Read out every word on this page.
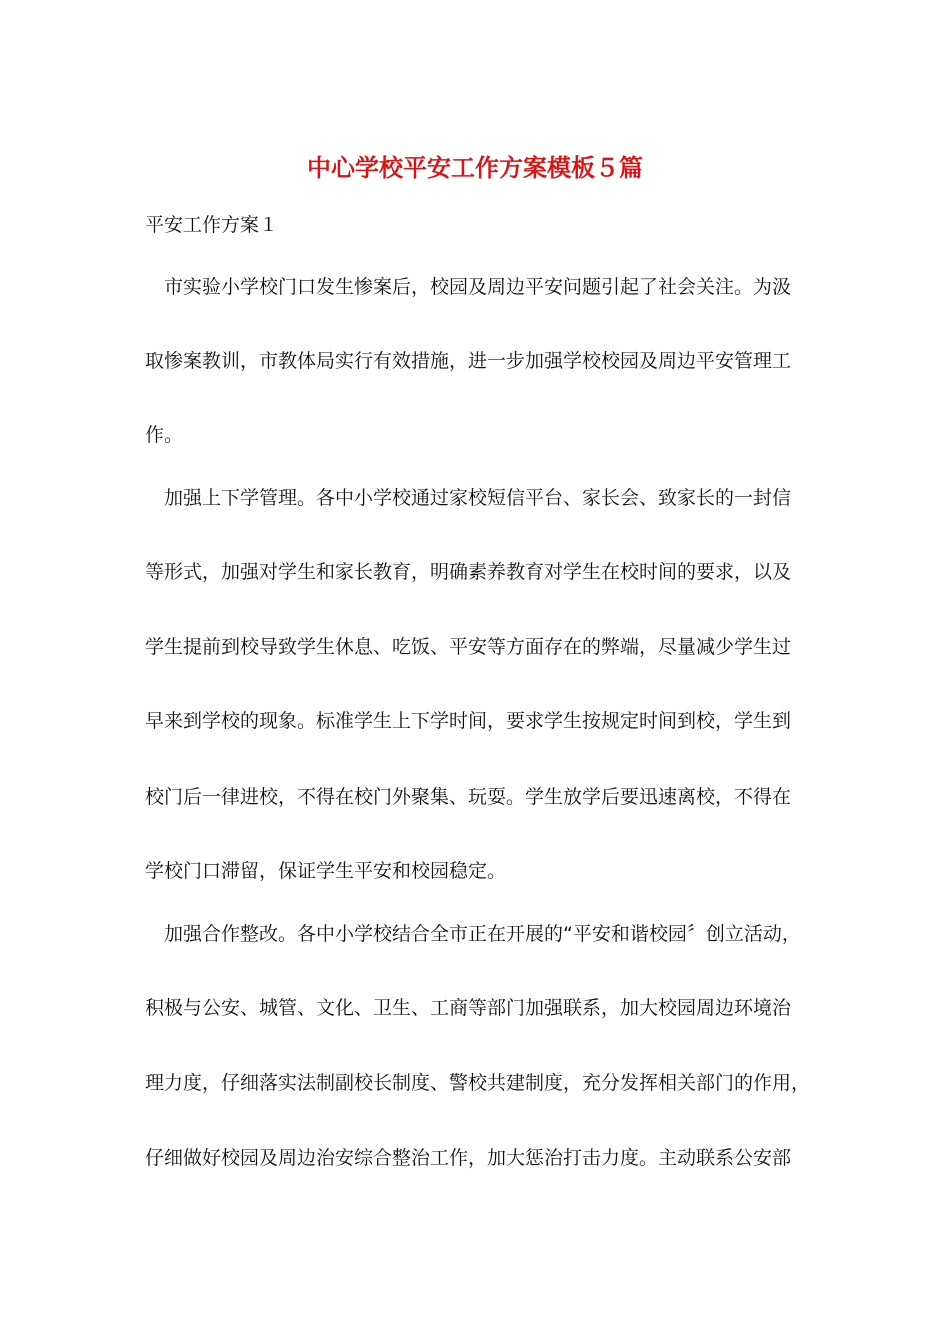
中心学校平安工作方案模板５篇
平安工作方案１
市实验小学校门口发生惨案后，校园及周边平安问题引起了社会关注。为汲
取惨案教训，市教体局实行有效措施，进一步加强学校校园及周边平安管理工
作。
加强上下学管理。各中小学校通过家校短信平台、家长会、致家长的一封信
等形式，加强对学生和家长教育，明确素养教育对学生在校时间的要求，以及
学生提前到校导致学生休息、吃饭、平安等方面存在的弊端，尽量减少学生过
早来到学校的现象。标准学生上下学时间，要求学生按规定时间到校，学生到
校门后一律进校，不得在校门外聚集、玩耍。学生放学后要迅速离校，不得在
学校门口滞留，保证学生平安和校园稳定。
加强合作整改。各中小学校结合全市正在开展的“平安和谐校园〞创立活动，
积极与公安、城管、文化、卫生、工商等部门加强联系，加大校园周边环境治
理力度，仔细落实法制副校长制度、警校共建制度，充分发挥相关部门的作用，
仔细做好校园及周边治安综合整治工作，加大惩治打击力度。主动联系公安部
